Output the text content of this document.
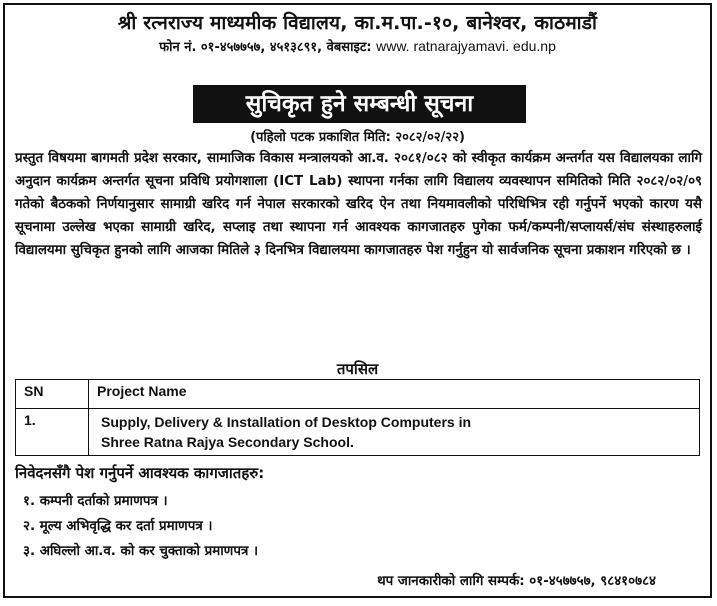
श्री रत्नराज्य माध्यमीक विद्यालय, का.म.पा.-१०, बानेश्वर, काठमाडौं
फोन नं. ०१-४५७७५७, ४५१३८९१, वेबसाइट: www. ratnarajyamavi. edu.np
सुचिकृत हुने सम्बन्धी सूचना
(पहिलो पटक प्रकाशित मिति: २०८२/०२/२२)
प्रस्तुत विषयमा बागमती प्रदेश सरकार, सामाजिक विकास मन्त्रालयको आ.व. २०८१/०८२ को स्वीकृत कार्यक्रम अन्तर्गत यस विद्यालयका लागि अनुदान कार्यक्रम अन्तर्गत सूचना प्रविधि प्रयोगशाला (ICT Lab) स्थापना गर्नका लागि विद्यालय व्यवस्थापन समितिको मिति २०८२/०२/०९ गतेको बैठकको निर्णयानुसार सामाग्री खरिद गर्न नेपाल सरकारको खरिद ऐन तथा नियमावलीको परिधिभित्र रही गर्नुपर्ने भएको कारण यसै सूचनामा उल्लेख भएका सामाग्री खरिद, सप्लाइ तथा स्थापना गर्न आवश्यक कागजातहरु पुगेका फर्म/कम्पनी/सप्लायर्स/संघ संस्थाहरुलाई विद्यालयमा सुचिकृत हुनको लागि आजका मितिले ३ दिनभित्र विद्यालयमा कागजातहरु पेश गर्नुहुन यो सार्वजनिक सूचना प्रकाशन गरिएको छ ।
तपसिल
SN	Project Name
1.	Supply, Delivery & Installation of Desktop Computers in
Shree Ratna Rajya Secondary School.
निवेदनसँगै पेश गर्नुपर्ने आवश्यक कागजातहरु:
१. कम्पनी दर्ताको प्रमाणपत्र ।
२. मूल्य अभिवृद्धि कर दर्ता प्रमाणपत्र ।
३. अघिल्लो आ.व. को कर चुक्ताको प्रमाणपत्र ।
थप जानकारीको लागि सम्पर्क: ०१-४५७७५७, ९८४१०७८४
